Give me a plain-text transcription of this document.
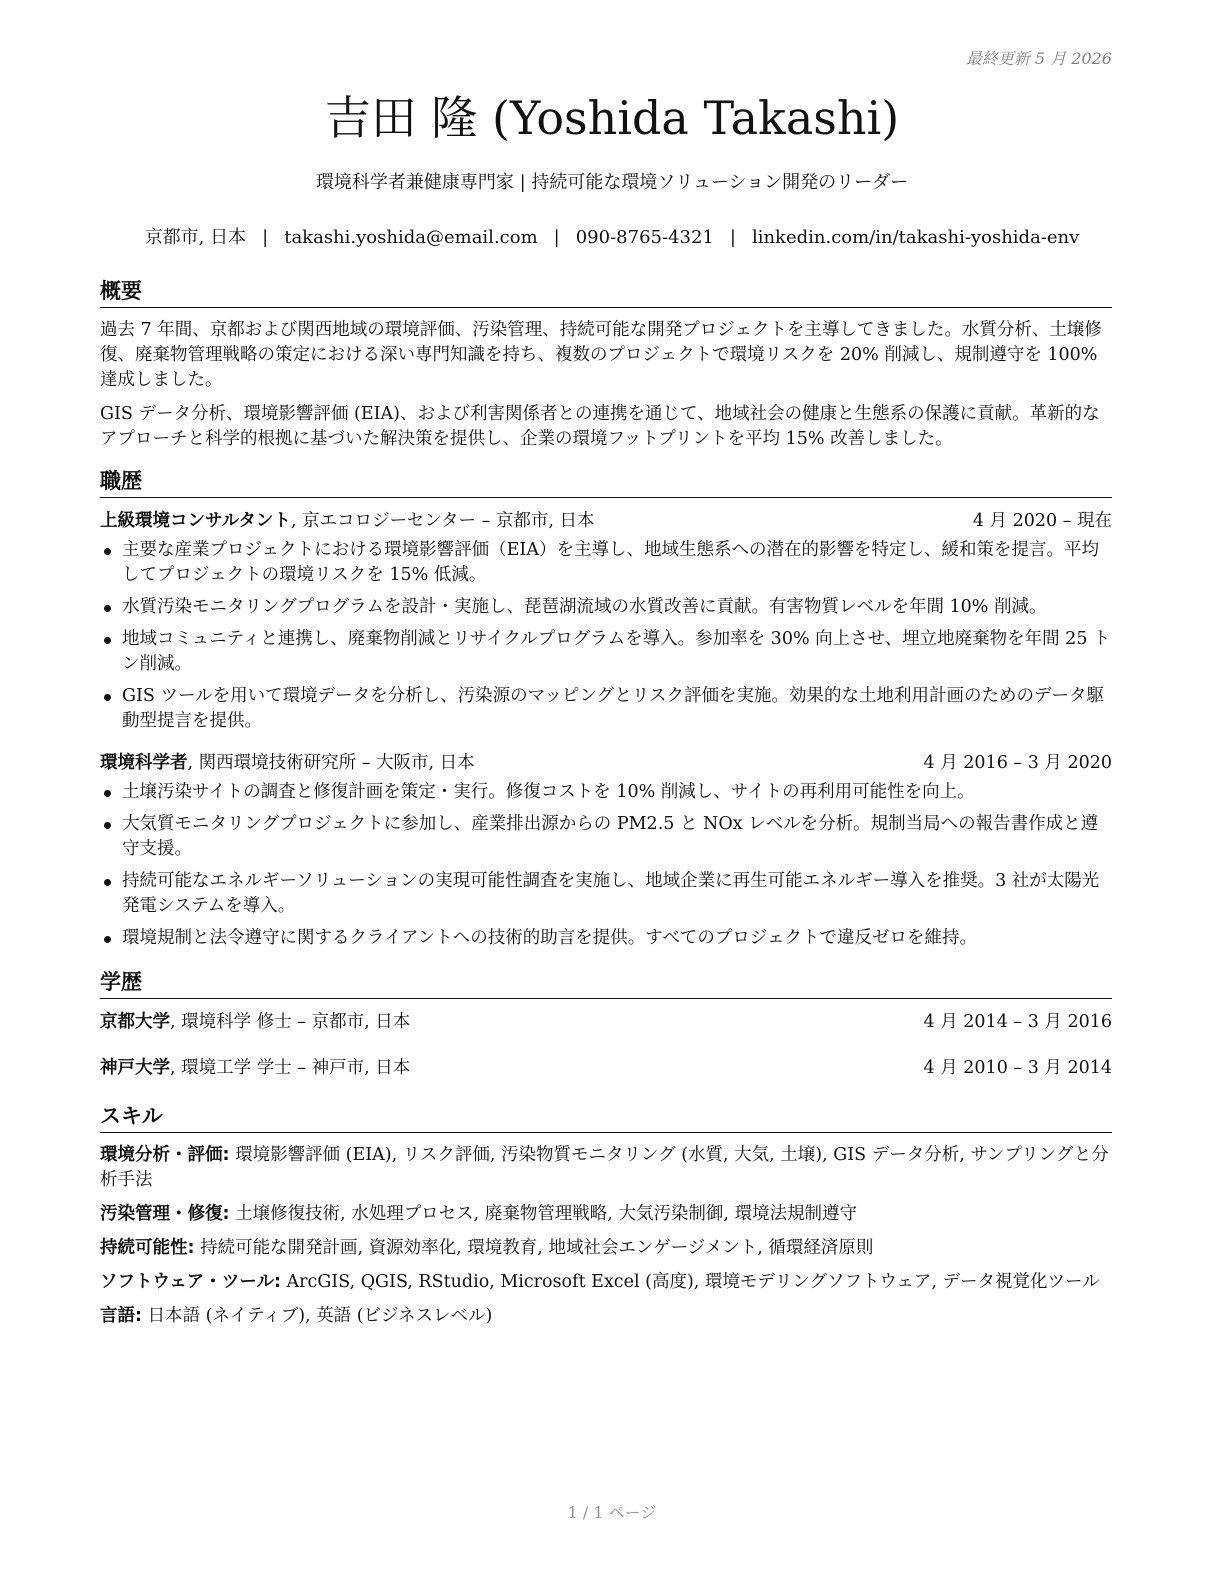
最終更新 5 月 2026
吉田 隆 (Yoshida Takashi)
環境科学者兼健康専門家 | 持続可能な環境ソリューション開発のリーダー
京都市, 日本 | takashi.yoshida@email.com | 090-8765-4321 | linkedin.com/in/takashi-yoshida-env
概要

過去 7 年間、京都および関西地域の環境評価、汚染管理、持続可能な開発プロジェクトを主導してきました。水質分析、土壌修復、廃棄物管理戦略の策定における深い専門知識を持ち、複数のプロジェクトで環境リスクを 20% 削減し、規制遵守を 100% 達成しました。

GIS データ分析、環境影響評価 (EIA)、および利害関係者との連携を通じて、地域社会の健康と生態系の保護に貢献。革新的なアプローチと科学的根拠に基づいた解決策を提供し、企業の環境フットプリントを平均 15% 改善しました。

職歴
上級環境コンサルタント, 京エコロジーセンター – 京都市, 日本	4 月 2020 – 現在
主要な産業プロジェクトにおける環境影響評価（EIA）を主導し、地域生態系への潜在的影響を特定し、緩和策を提言。平均してプロジェクトの環境リスクを 15% 低減。
水質汚染モニタリングプログラムを設計・実施し、琵琶湖流域の水質改善に貢献。有害物質レベルを年間 10% 削減。
地域コミュニティと連携し、廃棄物削減とリサイクルプログラムを導入。参加率を 30% 向上させ、埋立地廃棄物を年間 25 トン削減。
GIS ツールを用いて環境データを分析し、汚染源のマッピングとリスク評価を実施。効果的な土地利用計画のためのデータ駆動型提言を提供。
環境科学者, 関西環境技術研究所 – 大阪市, 日本	4 月 2016 – 3 月 2020
土壌汚染サイトの調査と修復計画を策定・実行。修復コストを 10% 削減し、サイトの再利用可能性を向上。
大気質モニタリングプロジェクトに参加し、産業排出源からの PM2.5 と NOx レベルを分析。規制当局への報告書作成と遵守支援。
持続可能なエネルギーソリューションの実現可能性調査を実施し、地域企業に再生可能エネルギー導入を推奨。3 社が太陽光発電システムを導入。
環境規制と法令遵守に関するクライアントへの技術的助言を提供。すべてのプロジェクトで違反ゼロを維持。
学歴
京都大学, 環境科学 修士 – 京都市, 日本	4 月 2014 – 3 月 2016
神戸大学, 環境工学 学士 – 神戸市, 日本	4 月 2010 – 3 月 2014
スキル
環境分析・評価: 環境影響評価 (EIA), リスク評価, 汚染物質モニタリング (水質, 大気, 土壌), GIS データ分析, サンプリングと分析手法
汚染管理・修復: 土壌修復技術, 水処理プロセス, 廃棄物管理戦略, 大気汚染制御, 環境法規制遵守
持続可能性: 持続可能な開発計画, 資源効率化, 環境教育, 地域社会エンゲージメント, 循環経済原則
ソフトウェア・ツール: ArcGIS, QGIS, RStudio, Microsoft Excel (高度), 環境モデリングソフトウェア, データ視覚化ツール
言語: 日本語 (ネイティブ), 英語 (ビジネスレベル)
1 / 1 ページ
